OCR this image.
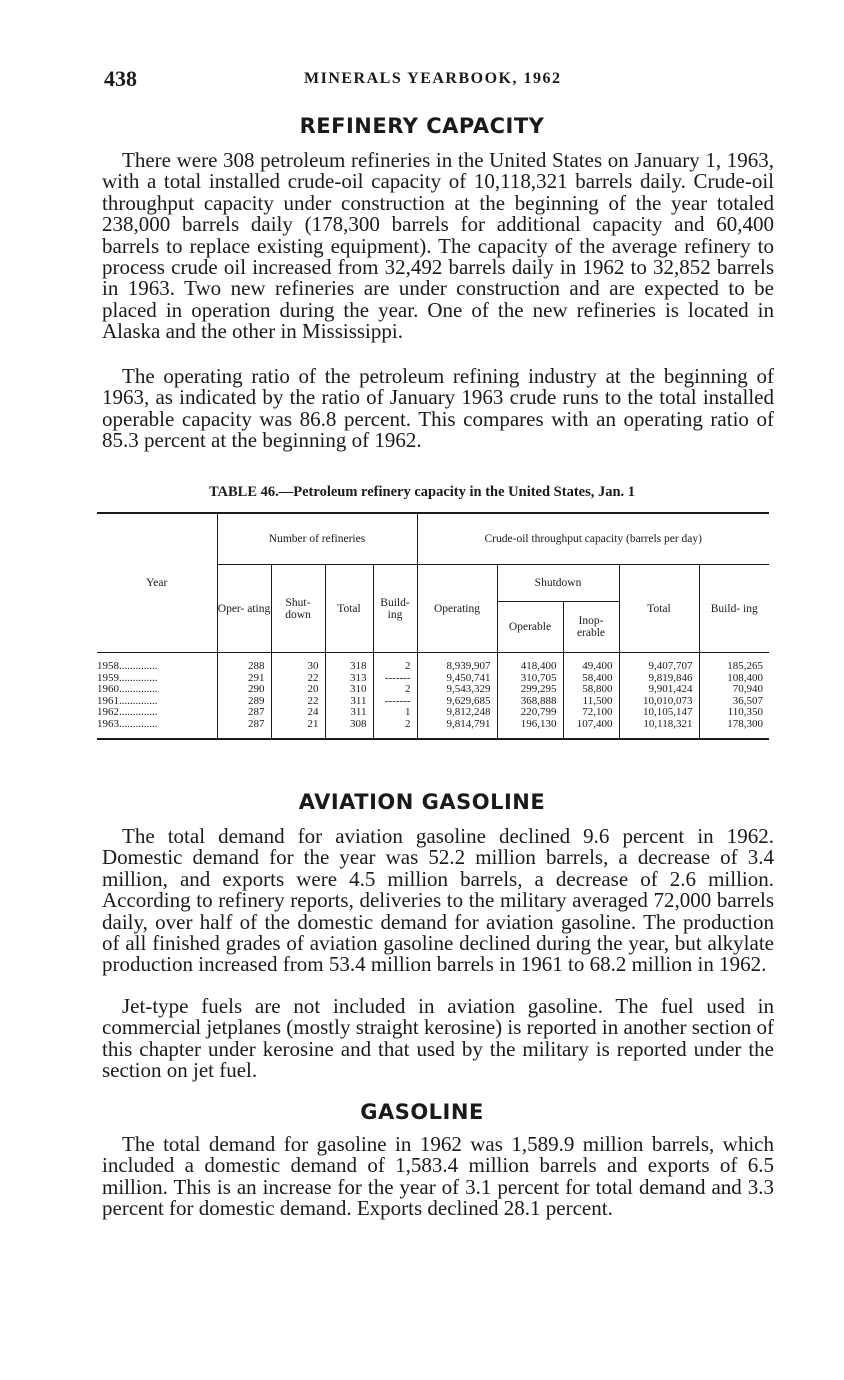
438	MINERALS YEARBOOK, 1962
REFINERY CAPACITY

There were 308 petroleum refineries in the United States on January 1, 1963, with a total installed crude-oil capacity of 10,118,321 barrels daily. Crude-oil throughput capacity under construction at the beginning of the year totaled 238,000 barrels daily (178,300 barrels for additional capacity and 60,400 barrels to replace existing equipment). The capacity of the average refinery to process crude oil increased from 32,492 barrels daily in 1962 to 32,852 barrels in 1963. Two new refineries are under construction and are expected to be placed in operation during the year. One of the new refineries is located in Alaska and the other in Mississippi.

The operating ratio of the petroleum refining industry at the beginning of 1963, as indicated by the ratio of January 1963 crude runs to the total installed operable capacity was 86.8 percent. This compares with an operating ratio of 85.3 percent at the beginning of 1962.

TABLE 46.—Petroleum refinery capacity in the United States, Jan. 1
Year	Number of refineries				Crude-oil throughput capacity (barrels per day)				
	Oper- ating	Shut- down	Total	Build- ing	Operating	Shutdown		Total	Build- ing
						Operable	Inop- erable		
1958..............	288	30	318	2	8,939,907	418,400	49,400	9,407,707	185,265
1959..............	291	22	313	-------	9,450,741	310,705	58,400	9,819,846	108,400
1960..............	290	20	310	2	9,543,329	299,295	58,800	9,901,424	70,940
1961..............	289	22	311	-------	9,629,685	368,888	11,500	10,010,073	36,507
1962..............	287	24	311	1	9,812,248	220,799	72,100	10,105,147	110,350
1963..............	287	21	308	2	9,814,791	196,130	107,400	10,118,321	178,300
AVIATION GASOLINE

The total demand for aviation gasoline declined 9.6 percent in 1962. Domestic demand for the year was 52.2 million barrels, a decrease of 3.4 million, and exports were 4.5 million barrels, a decrease of 2.6 million. According to refinery reports, deliveries to the military averaged 72,000 barrels daily, over half of the domestic demand for aviation gasoline. The production of all finished grades of aviation gasoline declined during the year, but alkylate production increased from 53.4 million barrels in 1961 to 68.2 million in 1962.

Jet-type fuels are not included in aviation gasoline. The fuel used in commercial jetplanes (mostly straight kerosine) is reported in another section of this chapter under kerosine and that used by the military is reported under the section on jet fuel.

GASOLINE

The total demand for gasoline in 1962 was 1,589.9 million barrels, which included a domestic demand of 1,583.4 million barrels and exports of 6.5 million. This is an increase for the year of 3.1 percent for total demand and 3.3 percent for domestic demand. Exports declined 28.1 percent.
